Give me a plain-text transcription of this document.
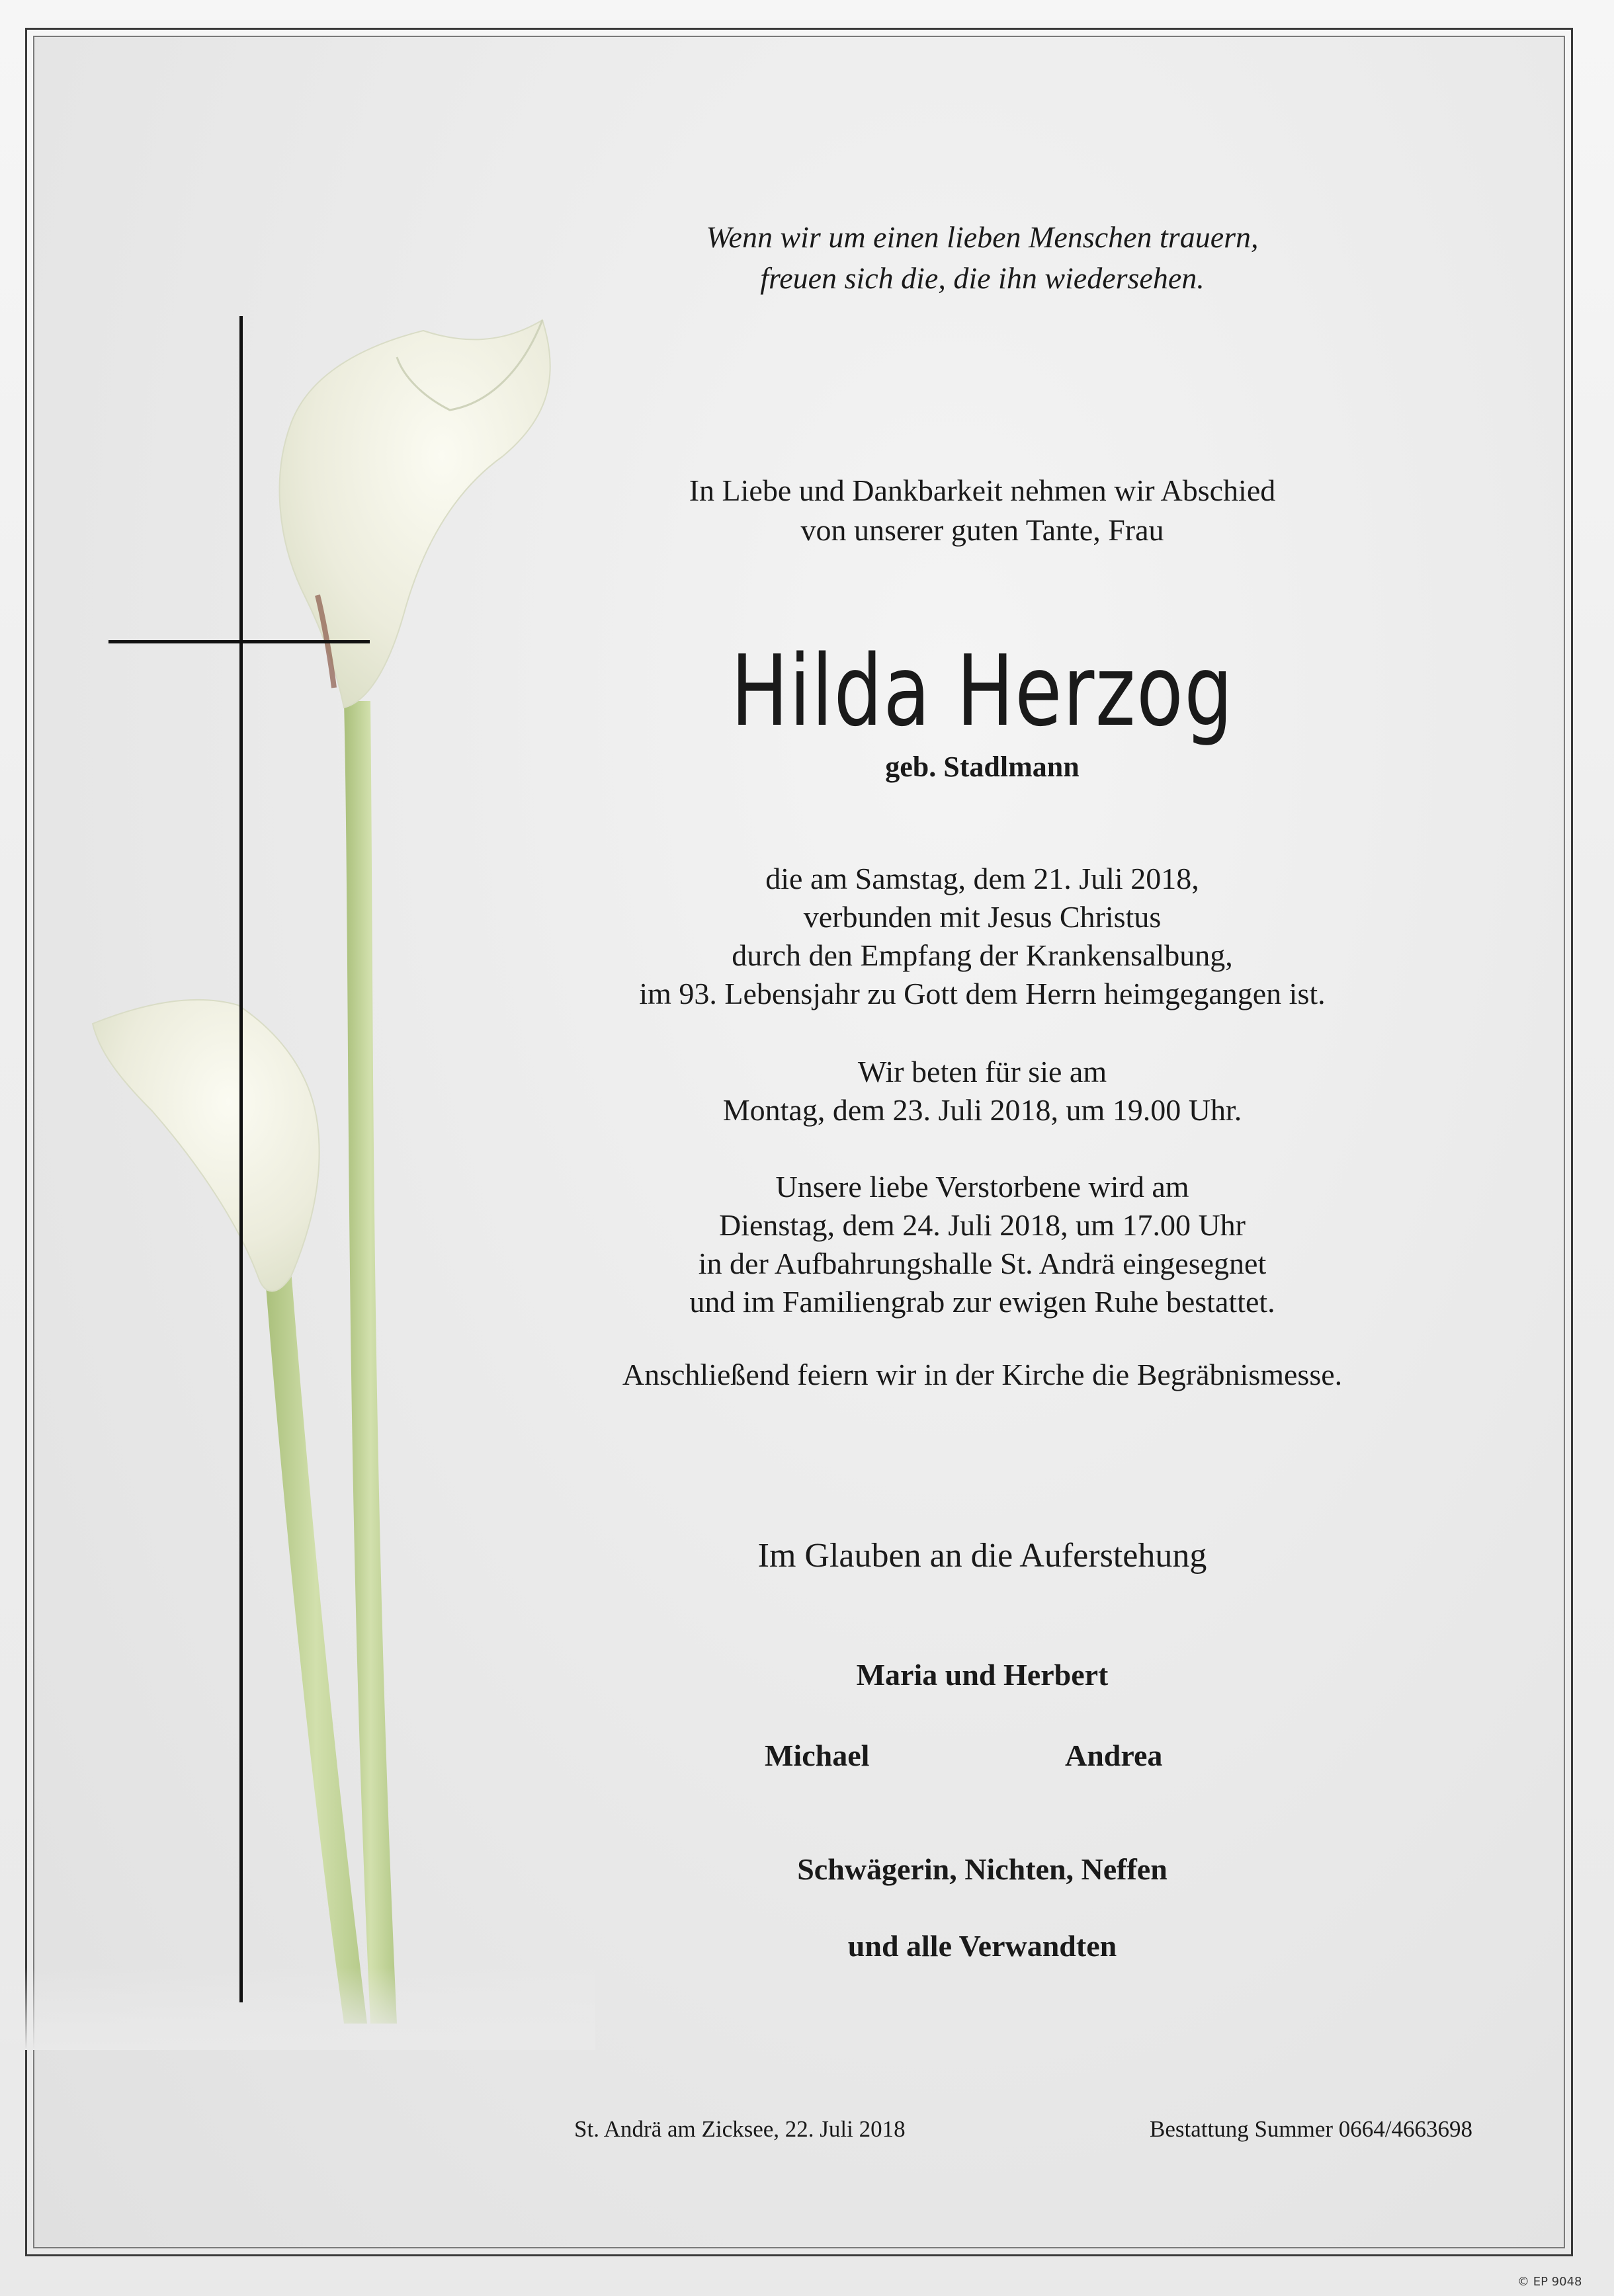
Wenn wir um einen lieben Menschen trauern,
freuen sich die, die ihn wiedersehen.
In Liebe und Dankbarkeit nehmen wir Abschied
von unserer guten Tante, Frau
Hilda Herzog
geb. Stadlmann
die am Samstag, dem 21. Juli 2018,
verbunden mit Jesus Christus
durch den Empfang der Krankensalbung,
im 93. Lebensjahr zu Gott dem Herrn heimgegangen ist.
Wir beten für sie am
Montag, dem 23. Juli 2018, um 19.00 Uhr.
Unsere liebe Verstorbene wird am
Dienstag, dem 24. Juli 2018, um 17.00 Uhr
in der Aufbahrungshalle St. Andrä eingesegnet
und im Familiengrab zur ewigen Ruhe bestattet.
Anschließend feiern wir in der Kirche die Begräbnismesse.
Im Glauben an die Auferstehung
Maria und Herbert
Michael	Andrea
Schwägerin, Nichten, Neffen
und alle Verwandten
St. Andrä am Zicksee, 22. Juli 2018	Bestattung Summer 0664/4663698
© EP 9048
